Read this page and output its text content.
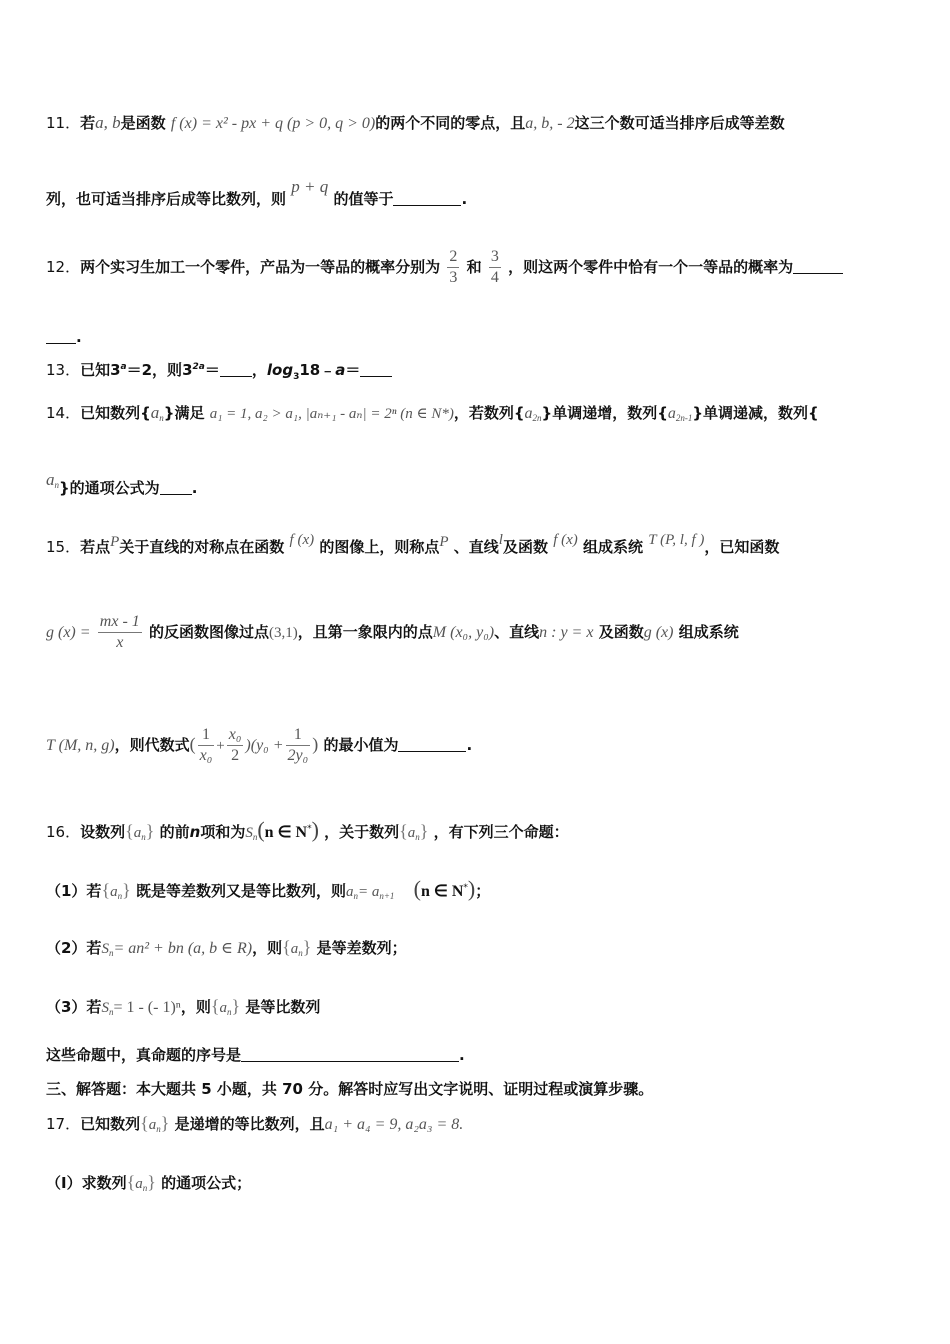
11．若a, b是函数 f (x) = x² - px + q (p > 0, q > 0)的两个不同的零点，且a, b, - 2这三个数可适当排序后成等差数
列，也可适当排序后成等比数列，则 p + q 的值等于	.
12．两个实习生加工一个零件，产品为一等品的概率分别为 $\frac{2}{3}$ 和 $\frac{3}{4}$ ，则这两个零件中恰有一个一等品的概率为
.
13．已知$3^a=2$，则$3^{2a}=$ ，$\log_318﹣a=$
14．已知数列$\{a_n\}$满足 a₁ = 1, a₂ > a₁, |aₙ₊₁ - aₙ| = 2ⁿ (n ∈ N*)，若数列$\{a_{2n}\}$单调递增，数列$\{a_{2n-1}\}$单调递减，数列{
$a^n$}的通项公式为 .
15．若点P关于直线的对称点在函数 f (x) 的图像上，则称点P 、直线l及函数 f (x) 组成系统 T (P, l, f )，已知函数
g $(x) = \frac{mx - 1}{x}$ 的反函数图像过点(3,1)，且第一象限内的点M (x₀, y₀)、直线n : y = x 及函数g (x) 组成系统
T (M, n, g)，则代数式( $\frac{1}{\text{x₀}} + \frac{\text{x₀}}{2} )(y_0 + \frac{1}{\text{2y₀}}$ ) 的最小值为	.
16．设数列$\{a_n\}$ 的前n项和为$S_n(n$ ∈ N*) ，关于数列$\{a_n\}$ ，有下列三个命题：
（1）若$\{a_n\}$ 既是等差数列又是等比数列，则$a_n= a_{n+1}$ (n ∈ N*)；
（2）若$S_n= an^2$ + bn (a, b ∈ R)，则$\{a_n\}$ 是等差数列；
（3）若$S_n= 1$ - (- 1)ⁿ，则$\{a_n\}$ 是等比数列
这些命题中，真命题的序号是	.
三、解答题：本大题共 5 小题，共 70 分。解答时应写出文字说明、证明过程或演算步骤。
17．已知数列$\{a_n\}$ 是递增的等比数列，且a₁ + a₄ = 9, a₂a₃ = 8.
（Ⅰ）求数列$\{a_n\}$ 的通项公式；
